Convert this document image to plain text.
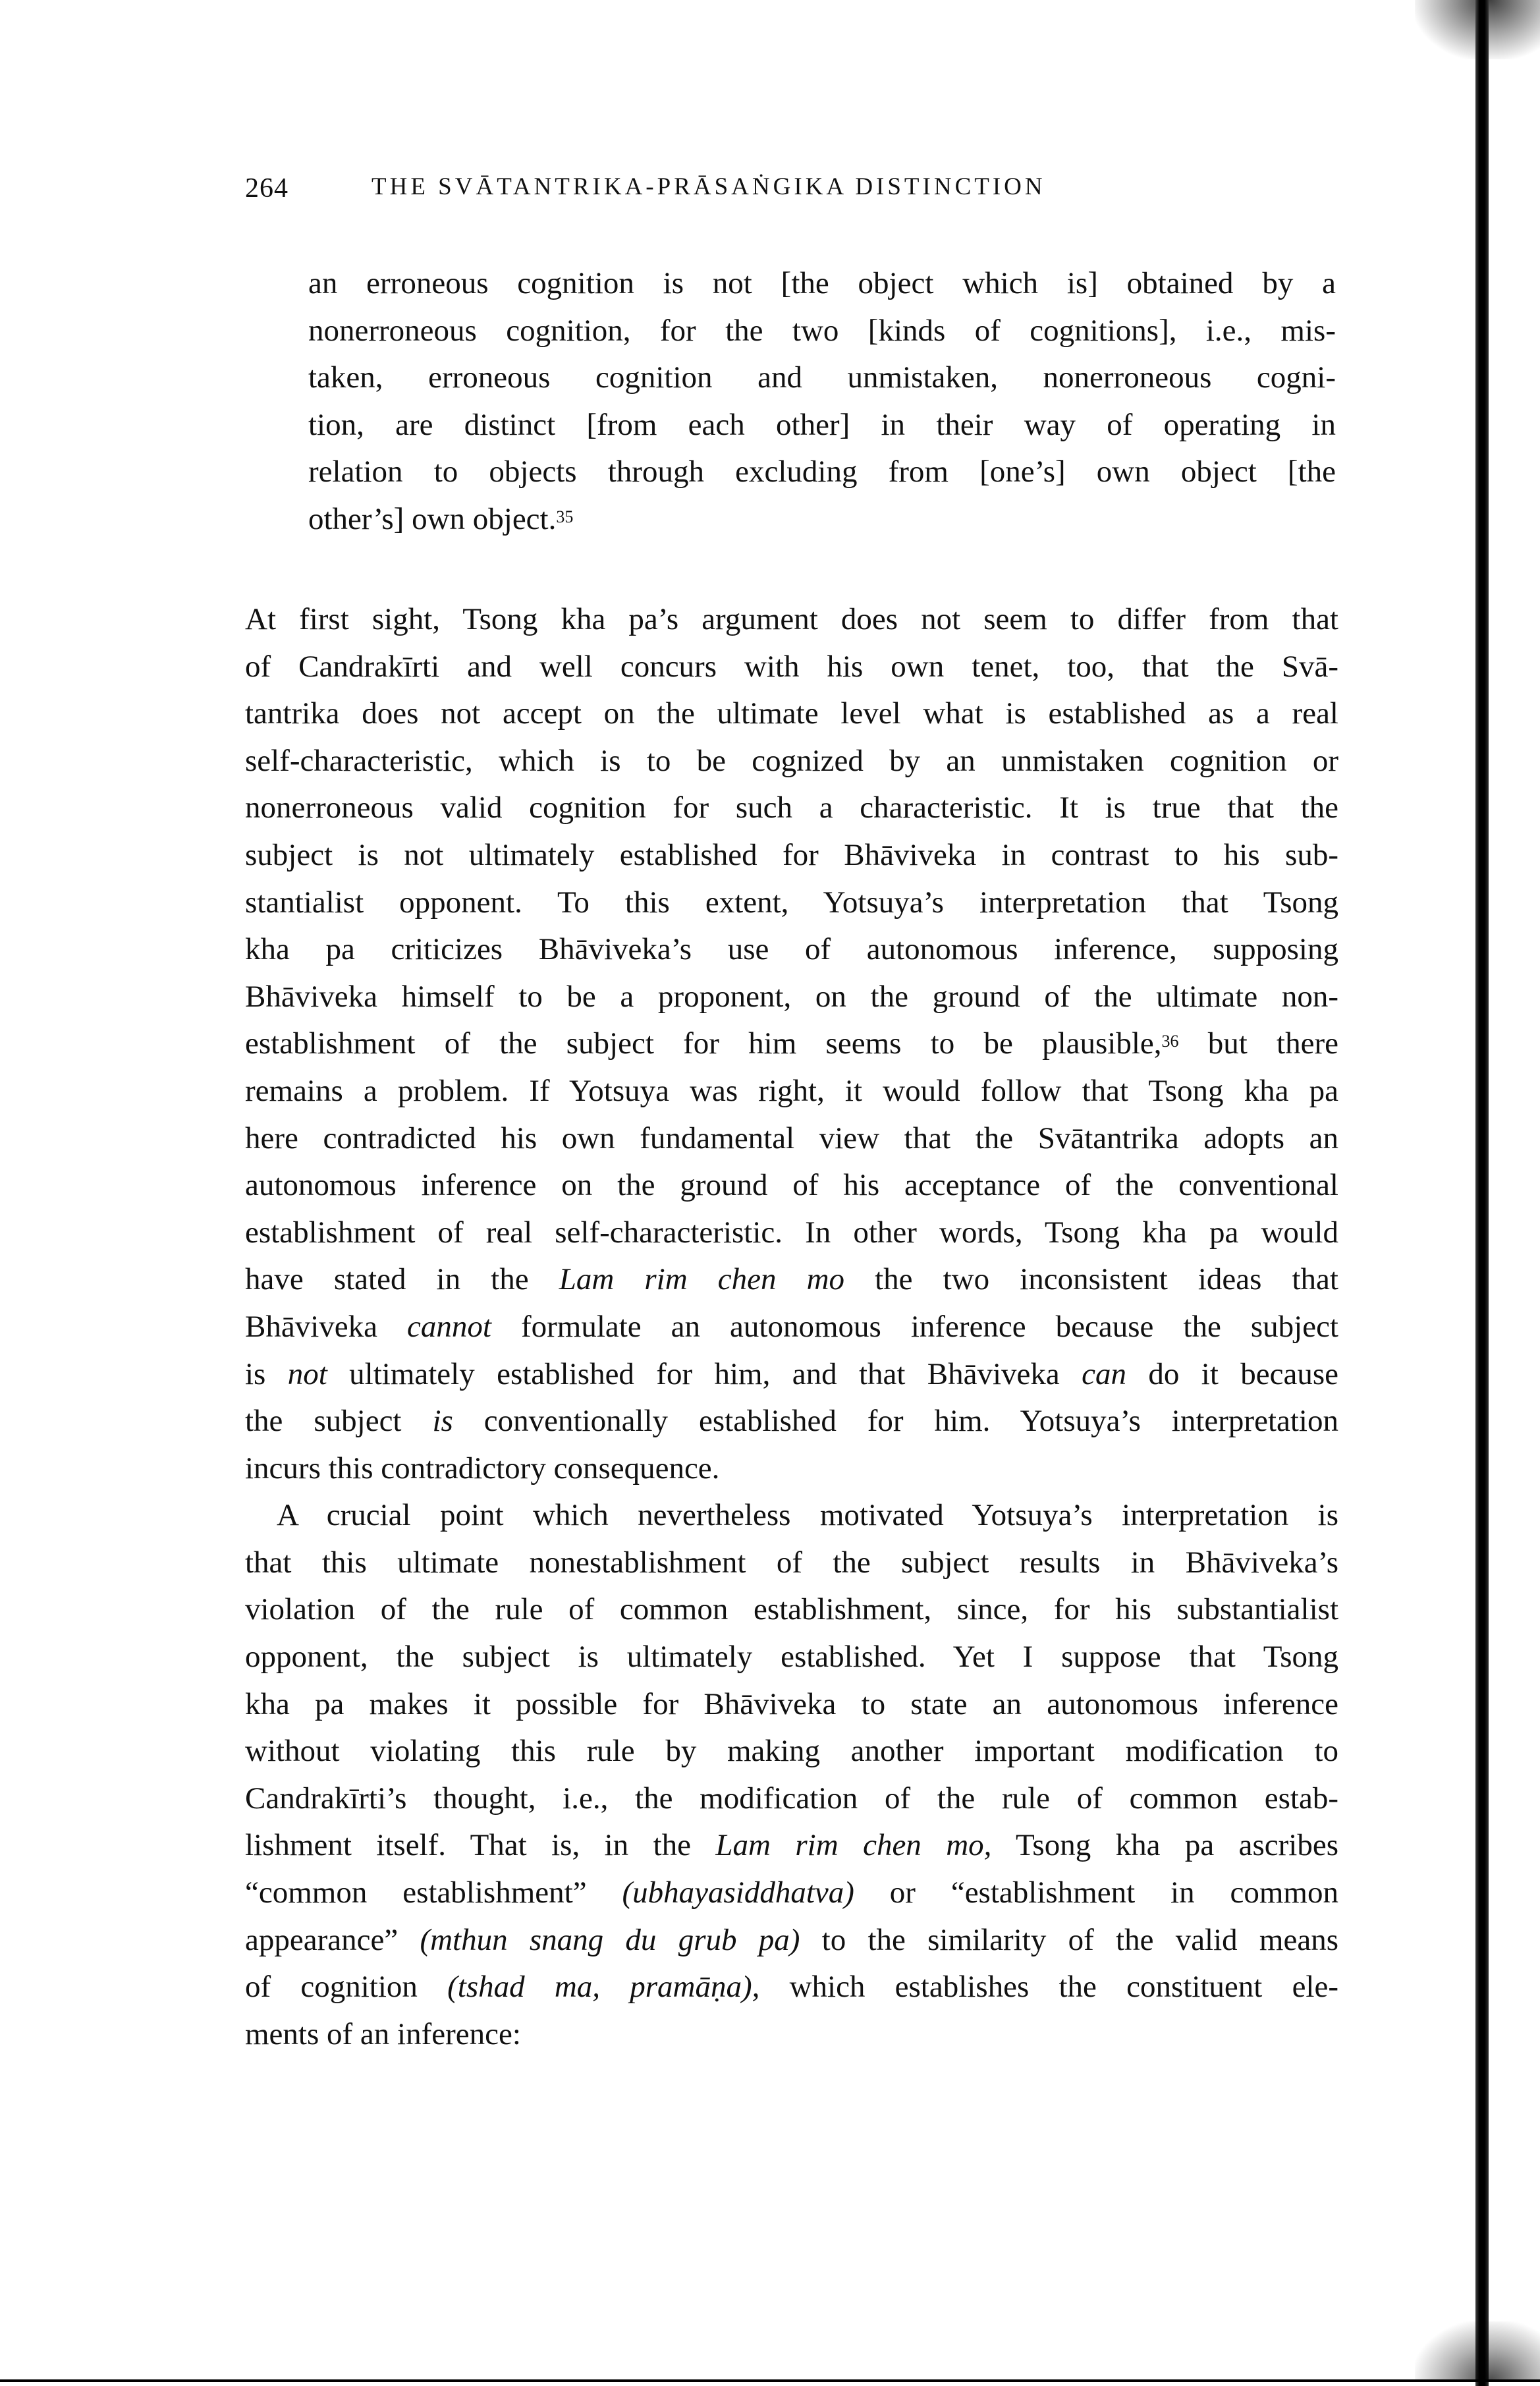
264	THE SVĀTANTRIKA-PRĀSAṄGIKA DISTINCTION
an erroneous cognition is not [the object which is] obtained by a
nonerroneous cognition, for the two [kinds of cognitions], i.e., mis-
taken, erroneous cognition and unmistaken, nonerroneous cogni-
tion, are distinct [from each other] in their way of operating in
relation to objects through excluding from [one’s] own object [the
other’s] own object.$^{35}$
At first sight, Tsong kha pa’s argument does not seem to differ from that
of Candrakīrti and well concurs with his own tenet, too, that the Svā-
tantrika does not accept on the ultimate level what is established as a real
self-characteristic, which is to be cognized by an unmistaken cognition or
nonerroneous valid cognition for such a characteristic. It is true that the
subject is not ultimately established for Bhāviveka in contrast to his sub-
stantialist opponent. To this extent, Yotsuya’s interpretation that Tsong
kha pa criticizes Bhāviveka’s use of autonomous inference, supposing
Bhāviveka himself to be a proponent, on the ground of the ultimate non-
establishment of the subject for him seems to be plausible,$^{36}$ but there
remains a problem. If Yotsuya was right, it would follow that Tsong kha pa
here contradicted his own fundamental view that the Svātantrika adopts an
autonomous inference on the ground of his acceptance of the conventional
establishment of real self-characteristic. In other words, Tsong kha pa would
have stated in the Lam rim chen mo the two inconsistent ideas that
Bhāviveka cannot formulate an autonomous inference because the subject
is not ultimately established for him, and that Bhāviveka can do it because
the subject is conventionally established for him. Yotsuya’s interpretation
incurs this contradictory consequence.
A crucial point which nevertheless motivated Yotsuya’s interpretation is
that this ultimate nonestablishment of the subject results in Bhāviveka’s
violation of the rule of common establishment, since, for his substantialist
opponent, the subject is ultimately established. Yet I suppose that Tsong
kha pa makes it possible for Bhāviveka to state an autonomous inference
without violating this rule by making another important modification to
Candrakīrti’s thought, i.e., the modification of the rule of common estab-
lishment itself. That is, in the Lam rim chen mo, Tsong kha pa ascribes
“common establishment” (ubhayasiddhatva) or “establishment in common
appearance” (mthun snang du grub pa) to the similarity of the valid means
of cognition (tshad ma, pramāṇa), which establishes the constituent ele-
ments of an inference:
